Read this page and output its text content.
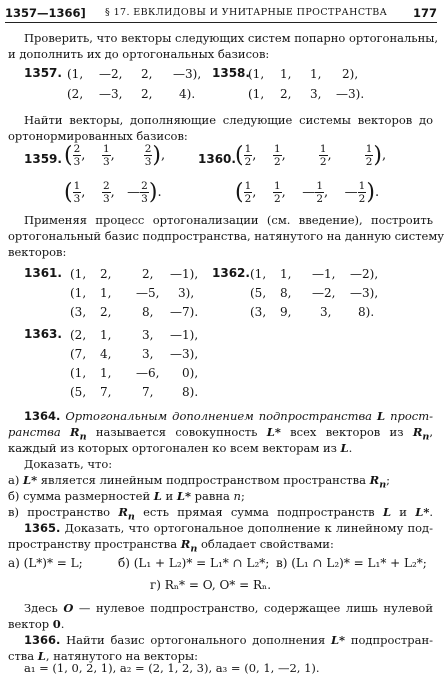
1357—1366] § 17. ЕВКЛИДОВЫ И УНИТАРНЫЕ ПРОСТРАНСТВА 177
Проверить, что векторы следующих систем попарно ортогональны,
и дополнить их до ортогональных базисов:
1357. (1, —2, 2, —3),
(2, —3, 2, 4).
1358.
(1, 1, 1, 2),
(1, 2, 3, —3).
Найти векторы, дополняющие следующие системы векторов до
ортонормированных базисов:
1359. ( $\frac{2}{3}$ , $\frac{1}{3}$ , $\frac{2}{3}$ ),
( $\frac{1}{3}$ , $\frac{2}{3}$ ,   — $\frac{2}{3}$ ).
1360. ( $\frac{1}{2}$ , $\frac{1}{2}$ , $\frac{1}{2}$ , $\frac{1}{2}$ ),
( $\frac{1}{2}$ , $\frac{1}{2}$ ,    — $\frac{1}{2}$ ,    — $\frac{1}{2}$ ).
Применяя процесс ортогонализации (см. введение), построить
ортогональный базис подпространства, натянутого на данную систему
векторов:
1361. (1, 2,	2, —1),
(1, 1, —5, 3),
(3, 2,	8, —7).
1362. (1, 1, —1, —2),
(5, 8, —2, —3),
(3, 9, 3, 8).
1363. (2, 1,	3, —1),
(7, 4,	3, —3),
(1, 1, —6, 0),
(5, 7,	7, 8).
1364. Ортогональным дополнением подпространства L прост-
ранства $R_n$ называется совокупность L* всех векторов из $R_n$,
каждый из которых ортогонален ко всем векторам из L.
Доказать, что:
а) L* является линейным подпространством пространства $R_n$;
б) сумма размерностей L и L* равна n;
в) пространство $R_n$ есть прямая сумма подпространств L и L*.
1365. Доказать, что ортогональное дополнение к линейному под-
пространству пространства $R_n$ обладает свойствами:
а) (L*)* = L;	б) (L₁ + L₂)* = L₁* ∩ L₂*; в) (L₁ ∩ L₂)* = L₁* + L₂*;
г) Rₙ* = O, O* = Rₙ.
Здесь O — нулевое подпространство, содержащее лишь нулевой
вектор 0.
1366. Найти базис ортогонального дополнения L* подпростран-
ства L, натянутого на векторы:
a₁ = (1, 0, 2, 1), a₂ = (2, 1, 2, 3), a₃ = (0, 1, —2, 1).
